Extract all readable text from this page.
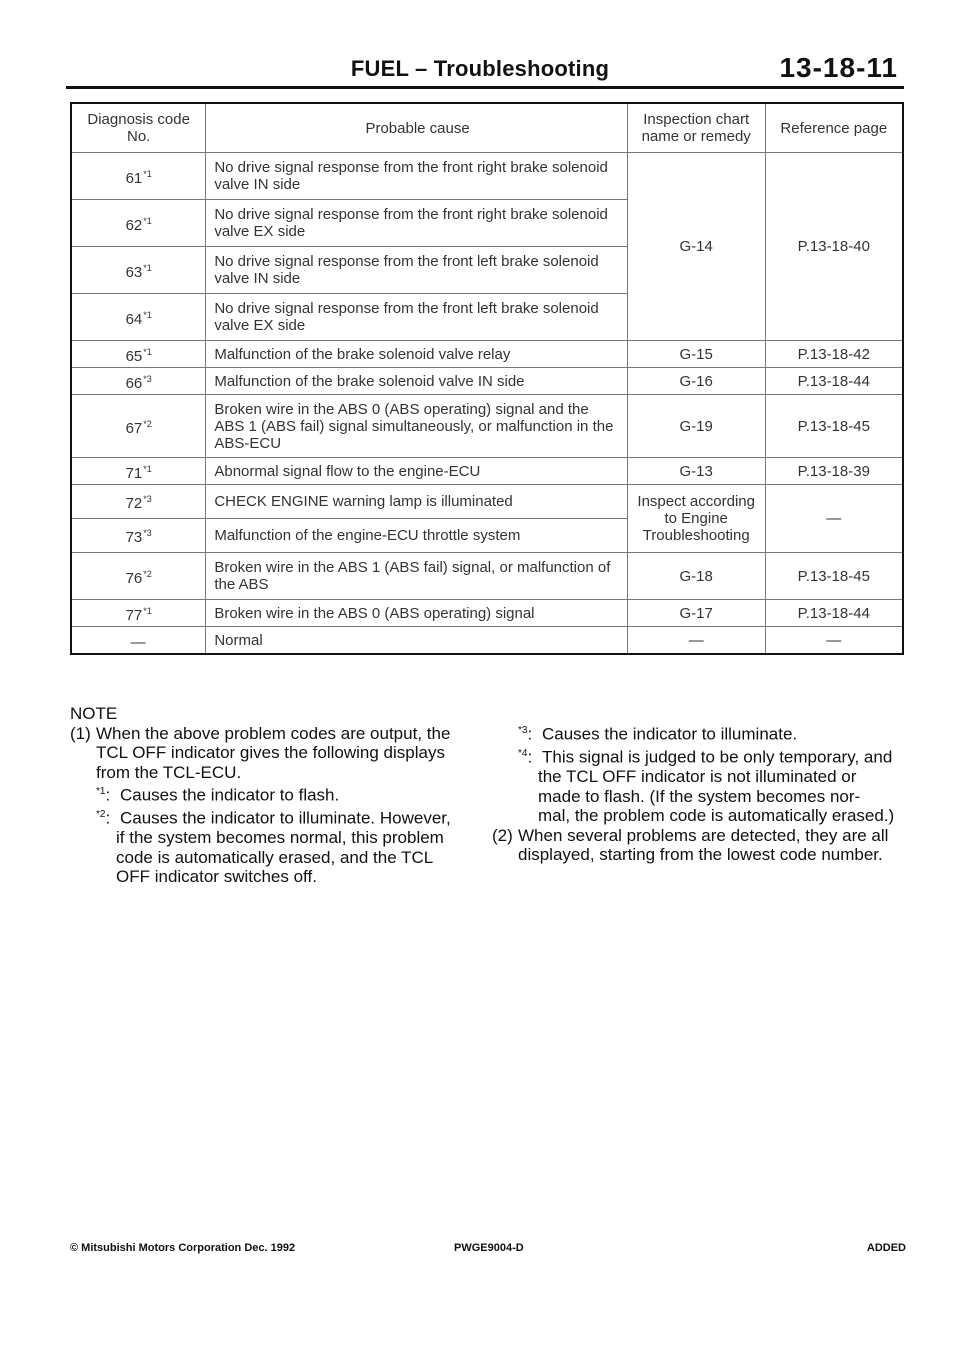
FUEL – Troubleshooting	13-18-11
Diagnosis code No.	Probable cause	Inspection chart name or remedy	Reference page
61$^{*1}$	No drive signal response from the front right brake solenoid valve IN side	G-14	P.13-18-40
62$^{*1}$	No drive signal response from the front right brake solenoid valve EX side		
63$^{*1}$	No drive signal response from the front left brake solenoid valve IN side		
64$^{*1}$	No drive signal response from the front left brake solenoid valve EX side		
65$^{*1}$	Malfunction of the brake solenoid valve relay	G-15	P.13-18-42
66$^{*3}$	Malfunction of the brake solenoid valve IN side	G-16	P.13-18-44
67$^{*2}$	Broken wire in the ABS 0 (ABS operating) signal and the ABS 1 (ABS fail) signal simultaneously, or malfunction in the ABS-ECU	G-19	P.13-18-45
71$^{*1}$	Abnormal signal flow to the engine-ECU	G-13	P.13-18-39
72$^{*3}$	CHECK ENGINE warning lamp is illuminated	Inspect according to Engine Troubleshooting	—
73$^{*3}$	Malfunction of the engine-ECU throttle system		
76$^{*2}$	Broken wire in the ABS 1 (ABS fail) signal, or malfunction of the ABS	G-18	P.13-18-45
77$^{*1}$	Broken wire in the ABS 0 (ABS operating) signal	G-17	P.13-18-44
—	Normal	—	—
NOTE
(1) When the above problem codes are output, the
TCL OFF indicator gives the following displays
from the TCL-ECU.
$^{*1}$: Causes the indicator to flash.
$^{*2}$: Causes the indicator to illuminate. However,
if the system becomes normal, this problem
code is automatically erased, and the TCL
OFF indicator switches off.
$^{*3}$: Causes the indicator to illuminate.
$^{*4}$: This signal is judged to be only temporary, and
the TCL OFF indicator is not illuminated or
made to flash. (If the system becomes nor-
mal, the problem code is automatically erased.)
(2) When several problems are detected, they are all
displayed, starting from the lowest code number.
© Mitsubishi Motors Corporation Dec. 1992	PWGE9004-D	ADDED
